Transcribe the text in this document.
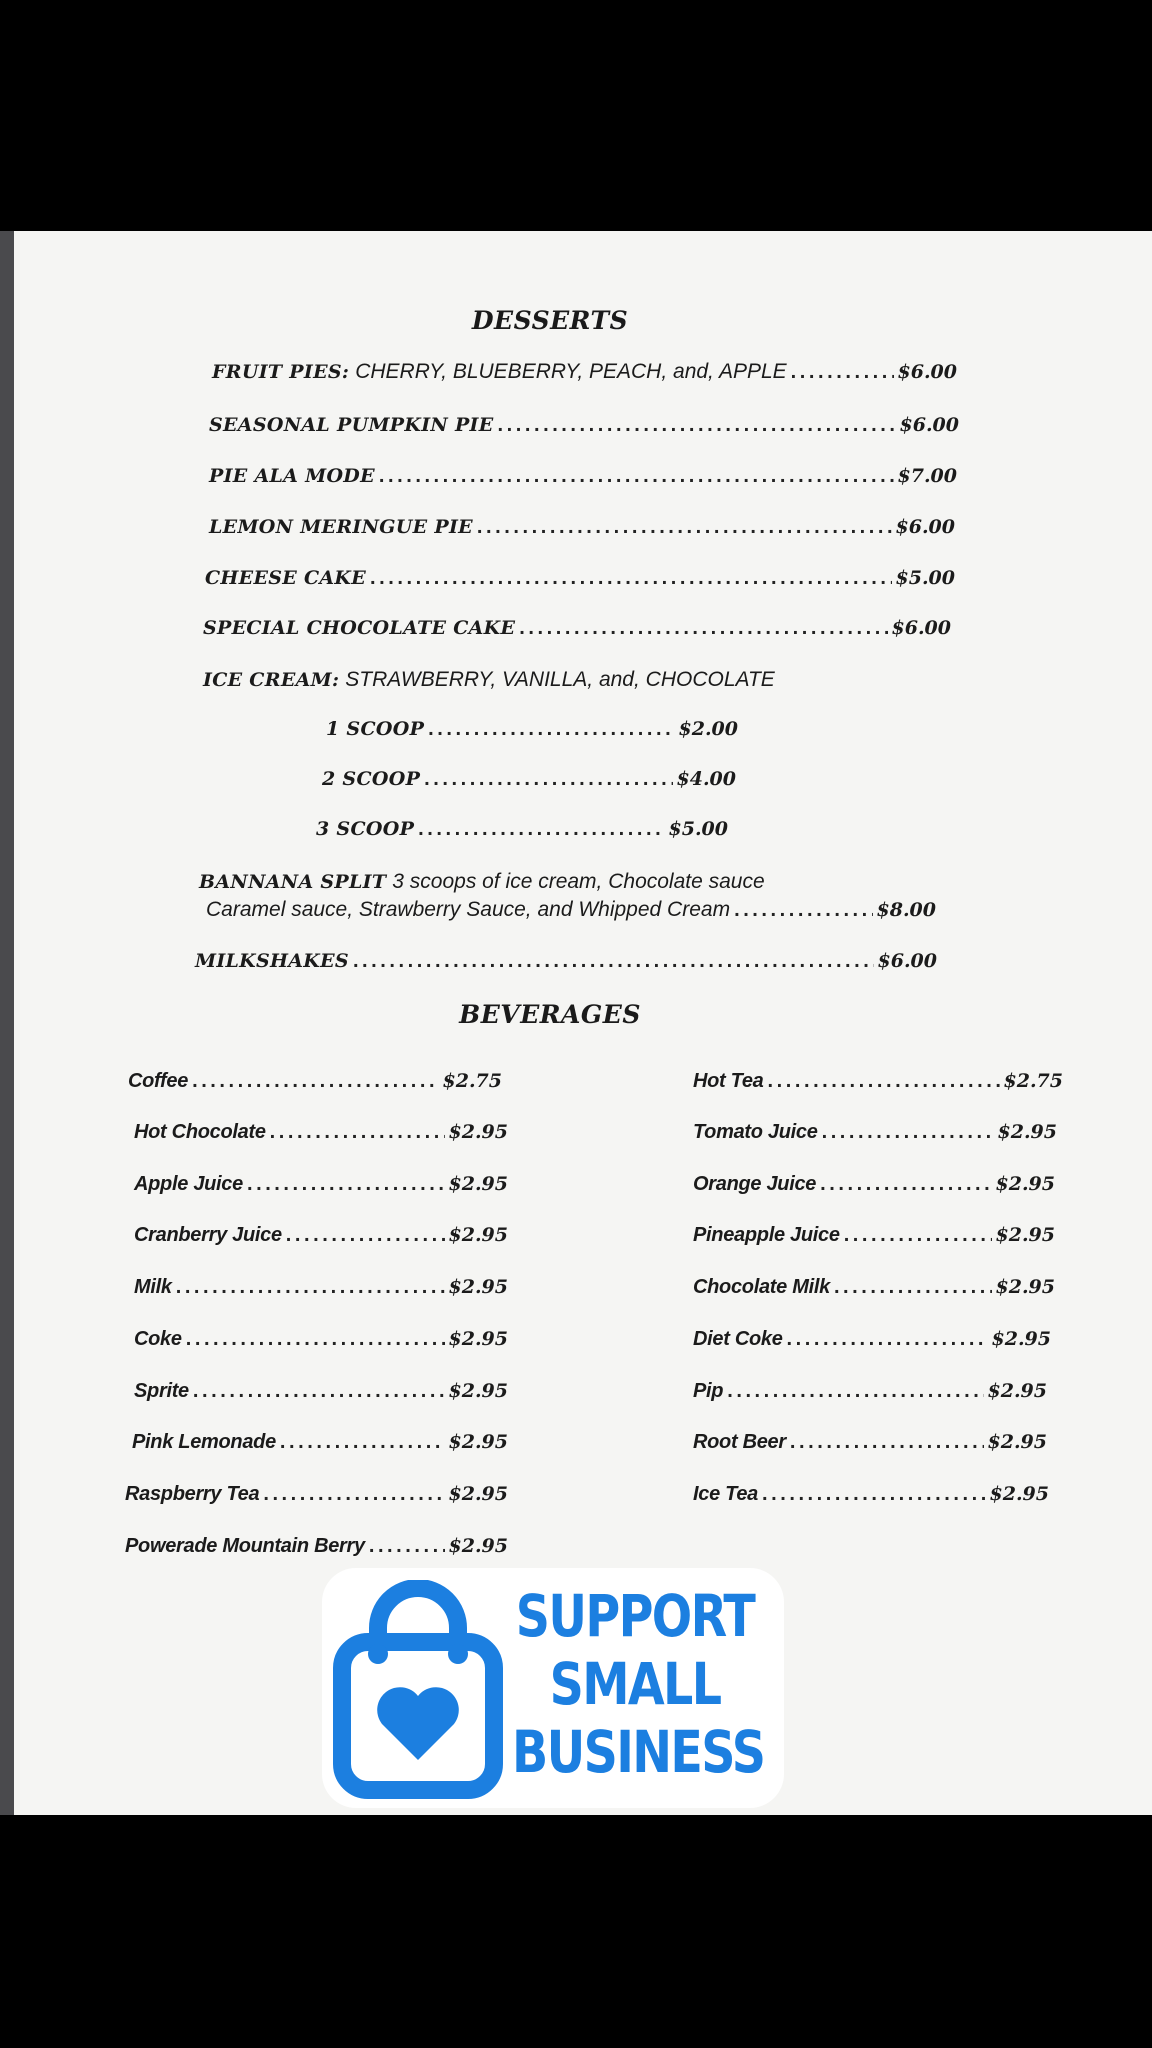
DESSERTS
FRUIT PIES: CHERRY, BLUEBERRY, PEACH, and, APPLE . . .	$6.00
SEASONAL PUMPKIN PIE . . .	$6.00
PIE ALA MODE . . .	$7.00
LEMON MERINGUE PIE . . .	$6.00
CHEESE CAKE . . .	$5.00
SPECIAL CHOCOLATE CAKE . . .	$6.00
ICE CREAM: STRAWBERRY, VANILLA, and, CHOCOLATE
1 SCOOP . . .	$2.00
2 SCOOP . . .	$4.00
3 SCOOP . . .	$5.00
BANNANA SPLIT 3 scoops of ice cream, Chocolate sauce
Caramel sauce, Strawberry Sauce, and Whipped Cream . . .	$8.00
MILKSHAKES . . .	$6.00
BEVERAGES
Coffee . . .	$2.75
Hot Chocolate . . .	$2.95
Apple Juice . . .	$2.95
Cranberry Juice . . .	$2.95
Milk . . .	$2.95
Coke . . .	$2.95
Sprite . . .	$2.95
Pink Lemonade . . .	$2.95
Raspberry Tea . . .	$2.95
Powerade Mountain Berry . . .	$2.95
Hot Tea . . .	$2.75
Tomato Juice . . .	$2.95
Orange Juice . . .	$2.95
Pineapple Juice . . .	$2.95
Chocolate Milk . . .	$2.95
Diet Coke . . .	$2.95
Pip . . .	$2.95
Root Beer . . .	$2.95
Ice Tea . . .	$2.95
SUPPORT
SMALL
BUSINESS
